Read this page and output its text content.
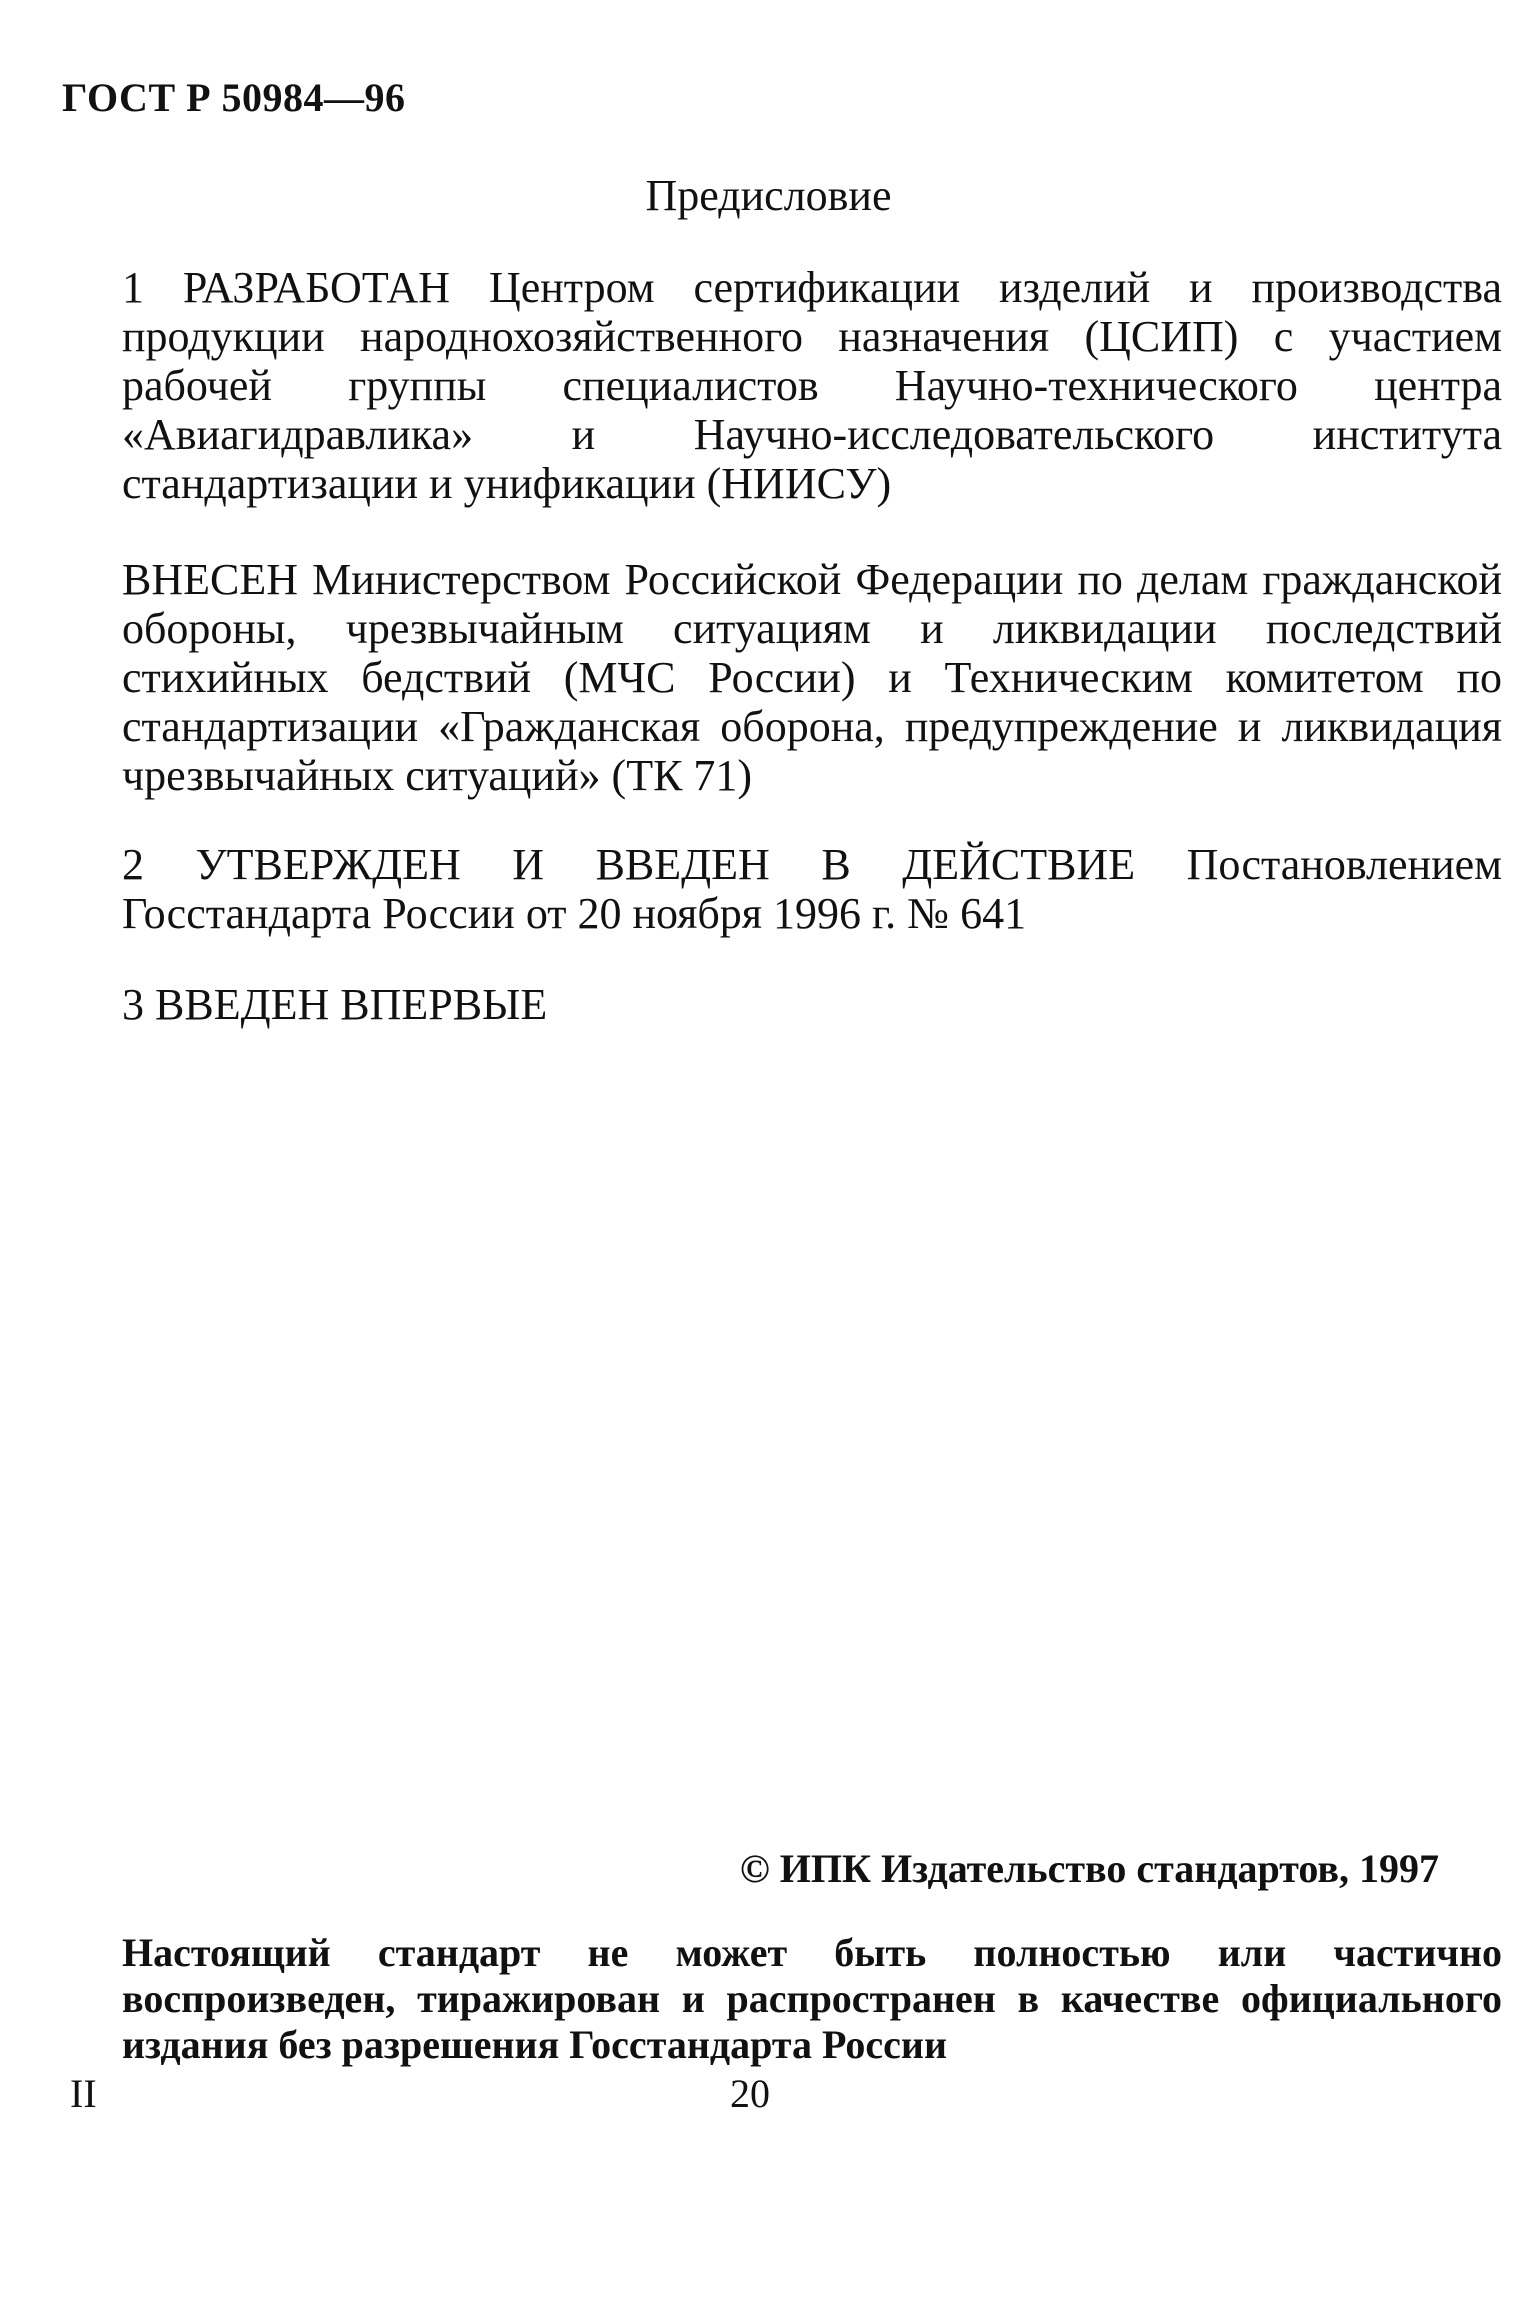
ГОСТ Р 50984—96
Предисловие
1 РАЗРАБОТАН Центром сертификации изделий и производства продукции народнохозяйственного назначения (ЦСИП) с участием рабочей группы специалистов Научно-технического центра «Авиагидравлика» и Научно-исследовательского института стандартизации и унификации (НИИСУ)
ВНЕСЕН Министерством Российской Федерации по делам гражданской обороны, чрезвычайным ситуациям и ликвидации последствий стихийных бедствий (МЧС России) и Техническим комитетом по стандартизации «Гражданская оборона, предупреждение и ликвидация чрезвычайных ситуаций» (ТК 71)
2 УТВЕРЖДЕН И ВВЕДЕН В ДЕЙСТВИЕ Постановлением Госстандарта России от 20 ноября 1996 г. № 641
3 ВВЕДЕН ВПЕРВЫЕ
© ИПК Издательство стандартов, 1997
Настоящий стандарт не может быть полностью или частично воспроизведен, тиражирован и распространен в качестве официального издания без разрешения Госстандарта России
II	20
